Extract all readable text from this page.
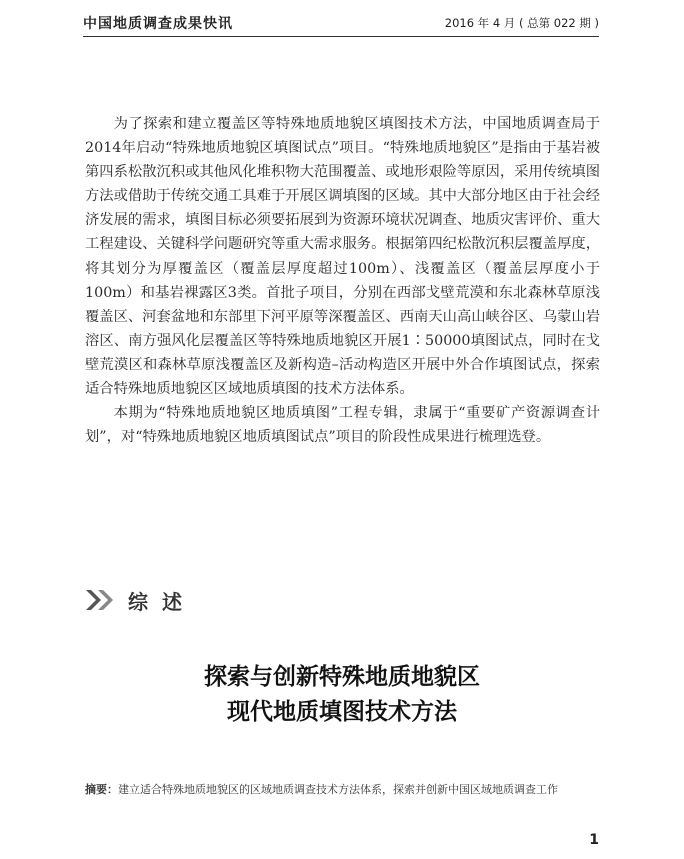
中国地质调查成果快讯	2016 年 4 月 ( 总第 022 期 )

为了探索和建立覆盖区等特殊地质地貌区填图技术方法，中国地质调查局于2014年启动“特殊地质地貌区填图试点”项目。“特殊地质地貌区”是指由于基岩被第四系松散沉积或其他风化堆积物大范围覆盖、或地形艰险等原因，采用传统填图方法或借助于传统交通工具难于开展区调填图的区域。其中大部分地区由于社会经济发展的需求，填图目标必须要拓展到为资源环境状况调查、地质灾害评价、重大工程建设、关键科学问题研究等重大需求服务。根据第四纪松散沉积层覆盖厚度，将其划分为厚覆盖区（覆盖层厚度超过100m）、浅覆盖区（覆盖层厚度小于100m）和基岩裸露区3类。首批子项目，分别在西部戈壁荒漠和东北森林草原浅覆盖区、河套盆地和东部里下河平原等深覆盖区、西南天山高山峡谷区、乌蒙山岩溶区、南方强风化层覆盖区等特殊地质地貌区开展1∶50000填图试点，同时在戈壁荒漠区和森林草原浅覆盖区及新构造–活动构造区开展中外合作填图试点，探索适合特殊地质地貌区区域地质填图的技术方法体系。

本期为“特殊地质地貌区地质填图”工程专辑，隶属于“重要矿产资源调查计划”，对“特殊地质地貌区地质填图试点”项目的阶段性成果进行梳理选登。

综述
探索与创新特殊地质地貌区
现代地质填图技术方法
摘要：建立适合特殊地质地貌区的区域地质调查技术方法体系，探索并创新中国区域地质调查工作
1
